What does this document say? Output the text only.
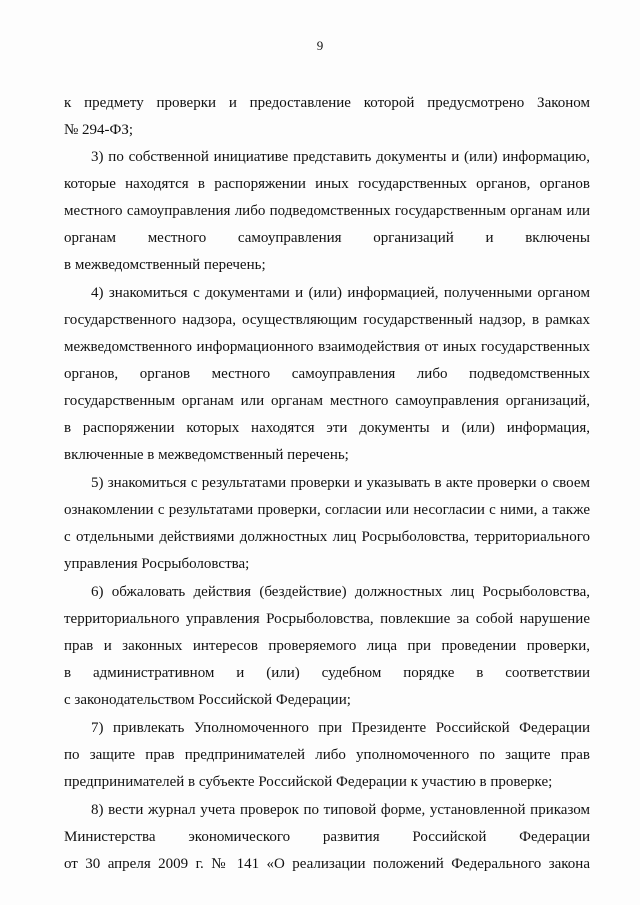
9
к предмету проверки и предоставление которой предусмотрено Законом
№ 294-ФЗ;
3) по собственной инициативе представить документы и (или) информацию,
которые находятся в распоряжении иных государственных органов, органов
местного самоуправления либо подведомственных государственным органам или
органам местного самоуправления организаций и включены
в межведомственный перечень;
4) знакомиться с документами и (или) информацией, полученными органом
государственного надзора, осуществляющим государственный надзор, в рамках
межведомственного информационного взаимодействия от иных государственных
органов, органов местного самоуправления либо подведомственных
государственным органам или органам местного самоуправления организаций,
в распоряжении которых находятся эти документы и (или) информация,
включенные в межведомственный перечень;
5) знакомиться с результатами проверки и указывать в акте проверки о своем
ознакомлении с результатами проверки, согласии или несогласии с ними, а также
с отдельными действиями должностных лиц Росрыболовства, территориального
управления Росрыболовства;
6) обжаловать действия (бездействие) должностных лиц Росрыболовства,
территориального управления Росрыболовства, повлекшие за собой нарушение
прав и законных интересов проверяемого лица при проведении проверки,
в административном и (или) судебном порядке в соответствии
с законодательством Российской Федерации;
7) привлекать Уполномоченного при Президенте Российской Федерации
по защите прав предпринимателей либо уполномоченного по защите прав
предпринимателей в субъекте Российской Федерации к участию в проверке;
8) вести журнал учета проверок по типовой форме, установленной приказом
Министерства экономического развития Российской Федерации
от 30 апреля 2009 г. № 141 «О реализации положений Федерального закона
